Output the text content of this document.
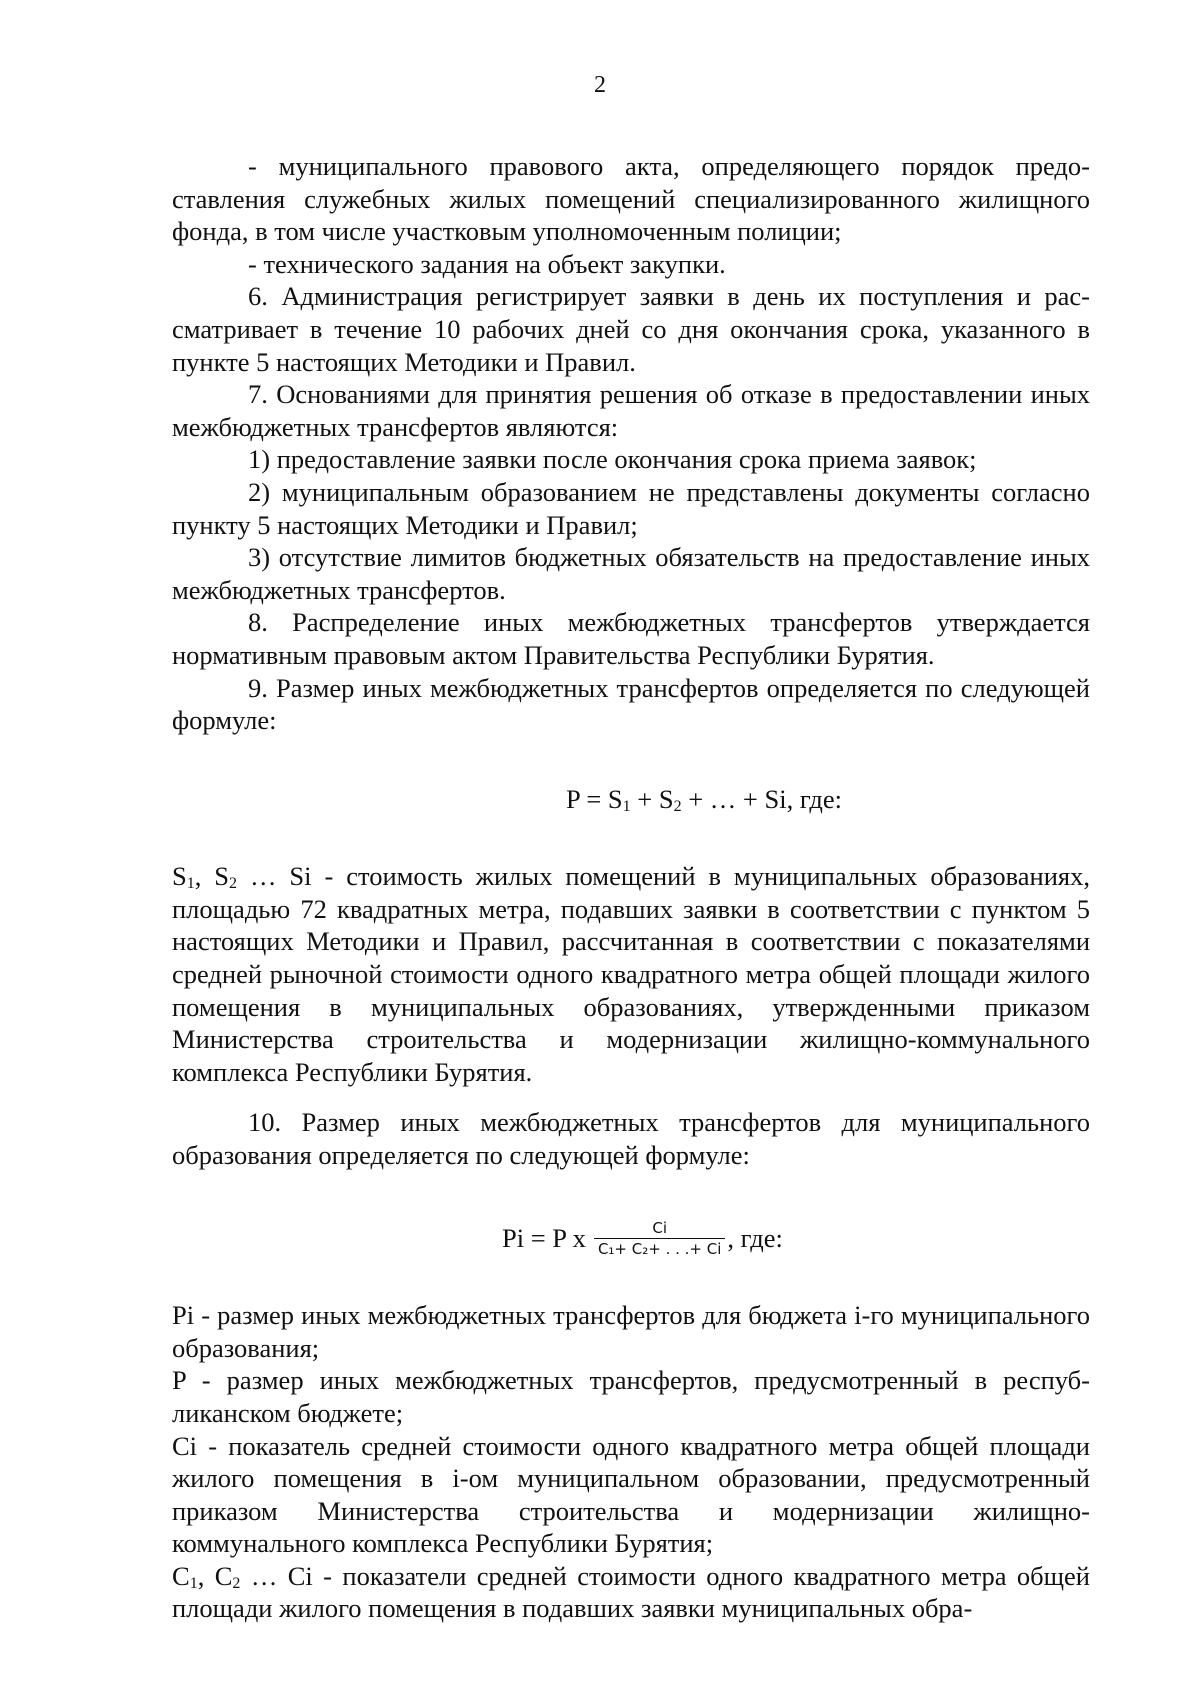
2

- муниципального правового акта, определяющего порядок предоставления служебных жилых помещений специализированного жилищного фонда, в том числе участковым уполномоченным полиции;

- технического задания на объект закупки.

6. Администрация регистрирует заявки в день их поступления и рассматривает в течение 10 рабочих дней со дня окончания срока, указанного в пункте 5 настоящих Методики и Правил.

7. Основаниями для принятия решения об отказе в предоставлении иных межбюджетных трансфертов являются:

1) предоставление заявки после окончания срока приема заявок;

2) муниципальным образованием не представлены документы согласно пункту 5 настоящих Методики и Правил;

3) отсутствие лимитов бюджетных обязательств на предоставление иных межбюджетных трансфертов.

8. Распределение иных межбюджетных трансфертов утверждается нормативным правовым актом Правительства Республики Бурятия.

9. Размер иных межбюджетных трансфертов определяется по следующей формуле:

$P = S_1 + S_2$ + … + Si, где:

$S_1$, $S_2$ … Si - стоимость жилых помещений в муниципальных образованиях, площадью 72 квадратных метра, подавших заявки в соответствии с пунктом 5 настоящих Методики и Правил, рассчитанная в соответствии с показателями средней рыночной стоимости одного квадратного метра общей площади жилого помещения в муниципальных образованиях, утвержденными приказом Министерства строительства и модернизации жилищно-коммунального комплекса Республики Бурятия.

10. Размер иных межбюджетных трансфертов для муниципального образования определяется по следующей формуле:

Pi = P x $\frac{Ci}{\text{C₁+ C₂+ . . .+ Ci}}$ , где:

Pi - размер иных межбюджетных трансфертов для бюджета i-го муниципального образования;

P - размер иных межбюджетных трансфертов, предусмотренный в республиканском бюджете;

Ci - показатель средней стоимости одного квадратного метра общей площади жилого помещения в i-ом муниципальном образовании, предусмотренный приказом Министерства строительства и модернизации жилищно-коммунального комплекса Республики Бурятия;

$C_1$, $C_2$ … Ci - показатели средней стоимости одного квадратного метра общей площади жилого помещения в подавших заявки муниципальных обра-
